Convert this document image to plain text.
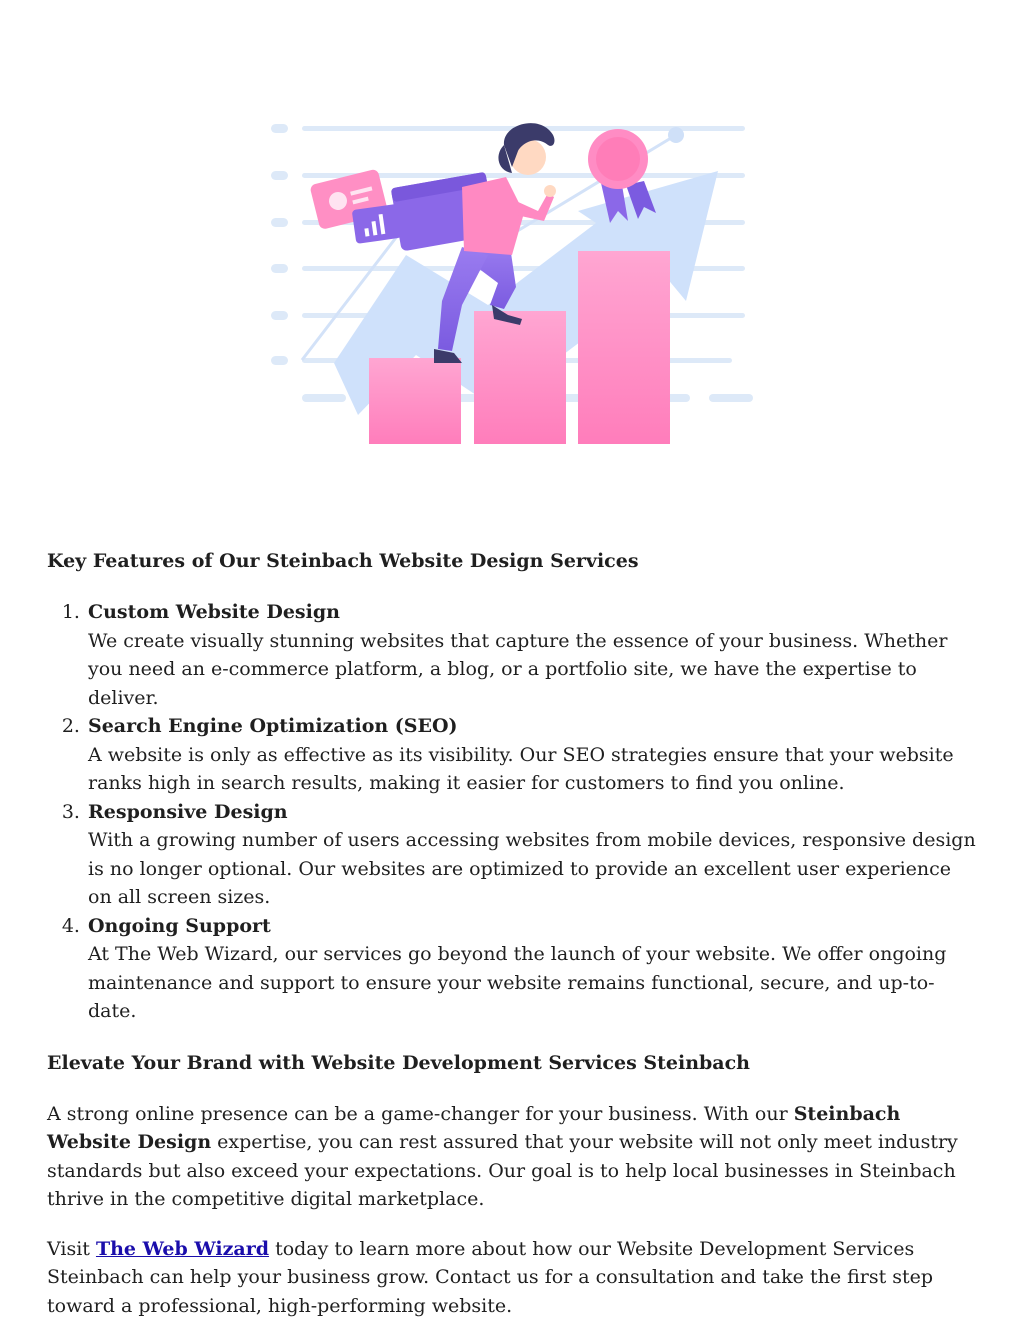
Key Features of Our Steinbach Website Design Services
1. Custom Website Design
We create visually stunning websites that capture the essence of your business. Whether you need an e-commerce platform, a blog, or a portfolio site, we have the expertise to deliver.
2. Search Engine Optimization (SEO)
A website is only as effective as its visibility. Our SEO strategies ensure that your website ranks high in search results, making it easier for customers to find you online.
3. Responsive Design
With a growing number of users accessing websites from mobile devices, responsive design is no longer optional. Our websites are optimized to provide an excellent user experience on all screen sizes.
4. Ongoing Support
At The Web Wizard, our services go beyond the launch of your website. We offer ongoing maintenance and support to ensure your website remains functional, secure, and up-to-date.
Elevate Your Brand with Website Development Services Steinbach

A strong online presence can be a game-changer for your business. With our Steinbach Website Design expertise, you can rest assured that your website will not only meet industry standards but also exceed your expectations. Our goal is to help local businesses in Steinbach thrive in the competitive digital marketplace.

Visit The Web Wizard today to learn more about how our Website Development Services Steinbach can help your business grow. Contact us for a consultation and take the first step toward a professional, high-performing website.
